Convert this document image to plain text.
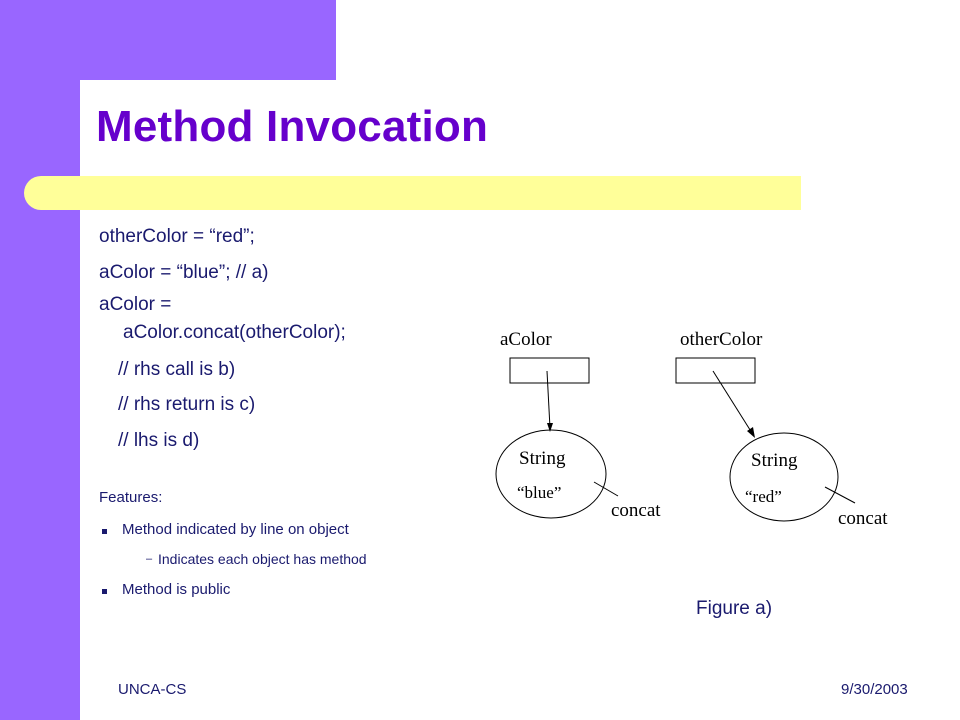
Method Invocation
otherColor = “red”;
aColor = “blue”; // a)
aColor =
aColor.concat(otherColor);
// rhs call is b)
// rhs return is c)
// lhs is d)
Features:
Method indicated by line on object
– Indicates each object has method
Method is public
aColor
String
“blue”
concat
otherColor
String
“red”
concat
Figure a)
UNCA-CS	9/30/2003
